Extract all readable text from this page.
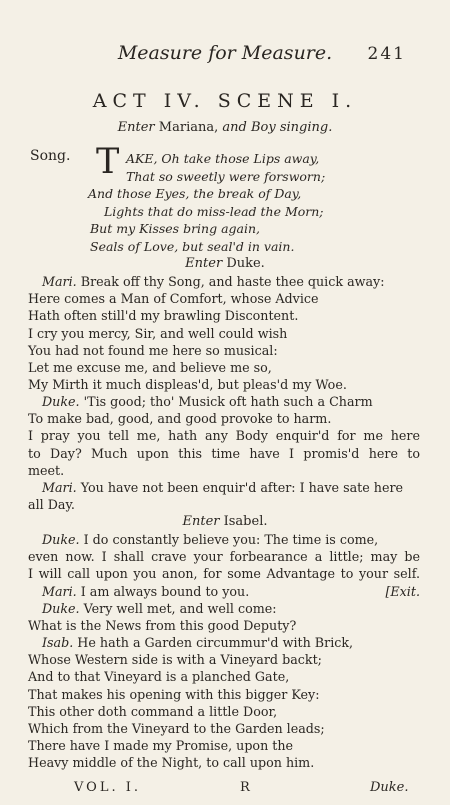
Measure for Measure.	241
ACT IV. SCENE I.
Enter Mariana, and Boy singing.
Song. T AKE, Oh take those Lips away,
That so sweetly were forsworn;
And those Eyes, the break of Day,
Lights that do miss-lead the Morn;
But my Kisses bring again,
Seals of Love, but seal'd in vain.
Enter Duke.
Mari. Break off thy Song, and haste thee quick away:
Here comes a Man of Comfort, whose Advice
Hath often still'd my brawling Discontent.
I cry you mercy, Sir, and well could wish
You had not found me here so musical:
Let me excuse me, and believe me so,
My Mirth it much displeas'd, but pleas'd my Woe.
Duke. 'Tis good; tho' Musick oft hath such a Charm
To make bad, good, and good provoke to harm.
I pray you tell me, hath any Body enquir'd for me here
to Day? Much upon this time have I promis'd here to
meet.
Mari. You have not been enquir'd after: I have sate here
all Day.
Enter Isabel.
Duke. I do constantly believe you: The time is come,
even now. I shall crave your forbearance a little; may be
I will call upon you anon, for some Advantage to your self.
Mari. I am always bound to you.	[Exit.
Duke. Very well met, and well come:
What is the News from this good Deputy?
Isab. He hath a Garden circummur'd with Brick,
Whose Western side is with a Vineyard backt;
And to that Vineyard is a planched Gate,
That makes his opening with this bigger Key:
This other doth command a little Door,
Which from the Vineyard to the Garden leads;
There have I made my Promise, upon the
Heavy middle of the Night, to call upon him.
VOL. I.	R	Duke.
